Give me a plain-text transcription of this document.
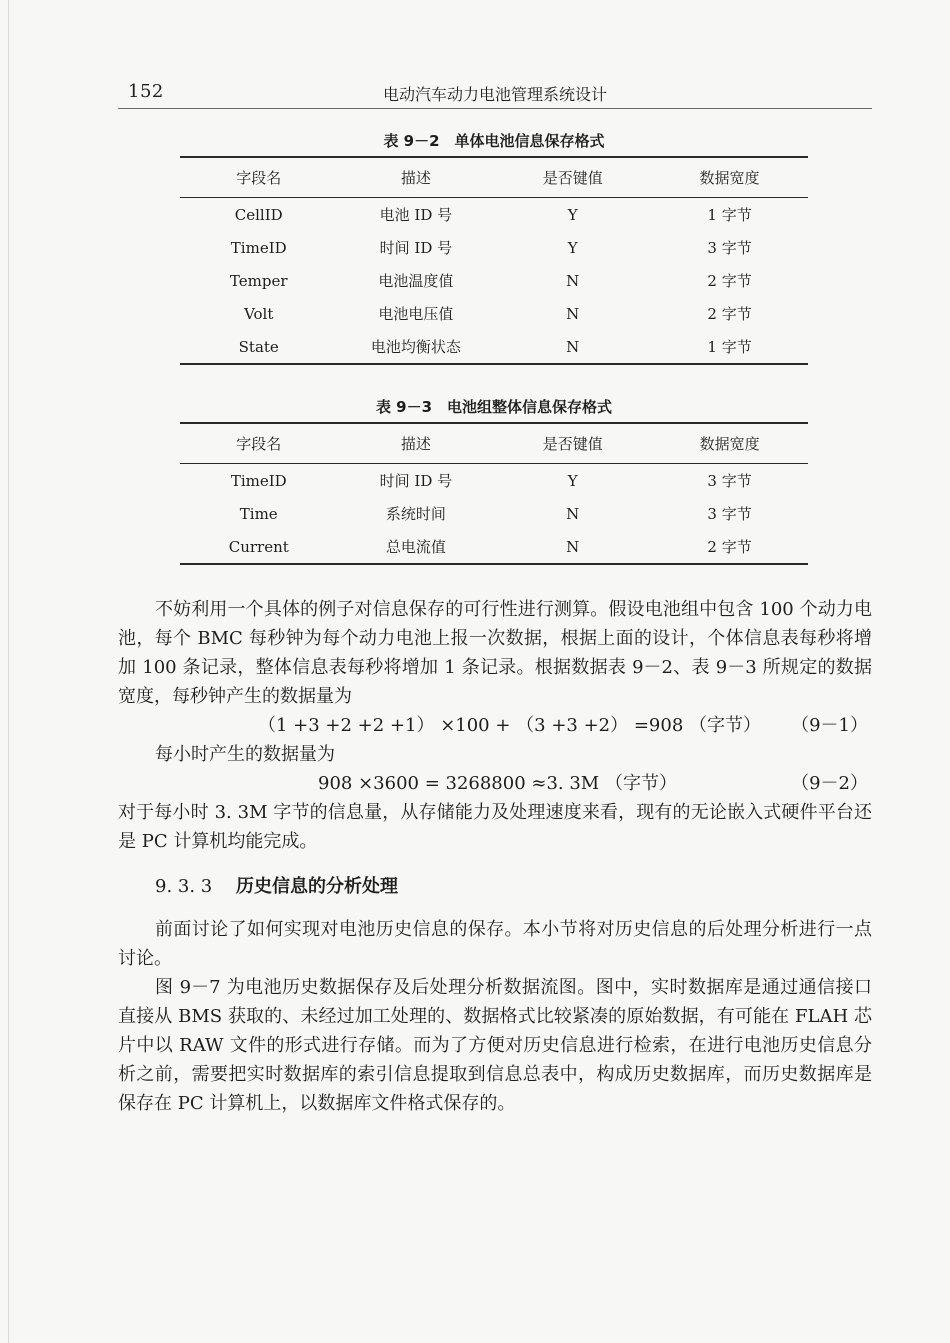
152	电动汽车动力电池管理系统设计
表 9－2　单体电池信息保存格式
字段名	描述	是否键值	数据宽度
CellID	电池 ID 号	Y	1 字节
TimeID	时间 ID 号	Y	3 字节
Temper	电池温度值	N	2 字节
Volt	电池电压值	N	2 字节
State	电池均衡状态	N	1 字节
表 9－3　电池组整体信息保存格式
字段名	描述	是否键值	数据宽度
TimeID	时间 ID 号	Y	3 字节
Time	系统时间	N	3 字节
Current	总电流值	N	2 字节

不妨利用一个具体的例子对信息保存的可行性进行测算。假设电池组中包含 100 个动力电池，每个 BMC 每秒钟为每个动力电池上报一次数据，根据上面的设计，个体信息表每秒将增加 100 条记录，整体信息表每秒将增加 1 条记录。根据数据表 9－2、表 9－3 所规定的数据宽度，每秒钟产生的数据量为

（1 +3 +2 +2 +1） ×100 + （3 +3 +2） =908 （字节） （9－1）

每小时产生的数据量为

908 ×3600 = 3268800 ≈3. 3M （字节）	（9－2）

对于每小时 3. 3M 字节的信息量，从存储能力及处理速度来看，现有的无论嵌入式硬件平台还是 PC 计算机均能完成。

9. 3. 3 历史信息的分析处理

前面讨论了如何实现对电池历史信息的保存。本小节将对历史信息的后处理分析进行一点讨论。

图 9－7 为电池历史数据保存及后处理分析数据流图。图中，实时数据库是通过通信接口直接从 BMS 获取的、未经过加工处理的、数据格式比较紧凑的原始数据，有可能在 FLAH 芯片中以 RAW 文件的形式进行存储。而为了方便对历史信息进行检索，在进行电池历史信息分析之前，需要把实时数据库的索引信息提取到信息总表中，构成历史数据库，而历史数据库是保存在 PC 计算机上，以数据库文件格式保存的。
